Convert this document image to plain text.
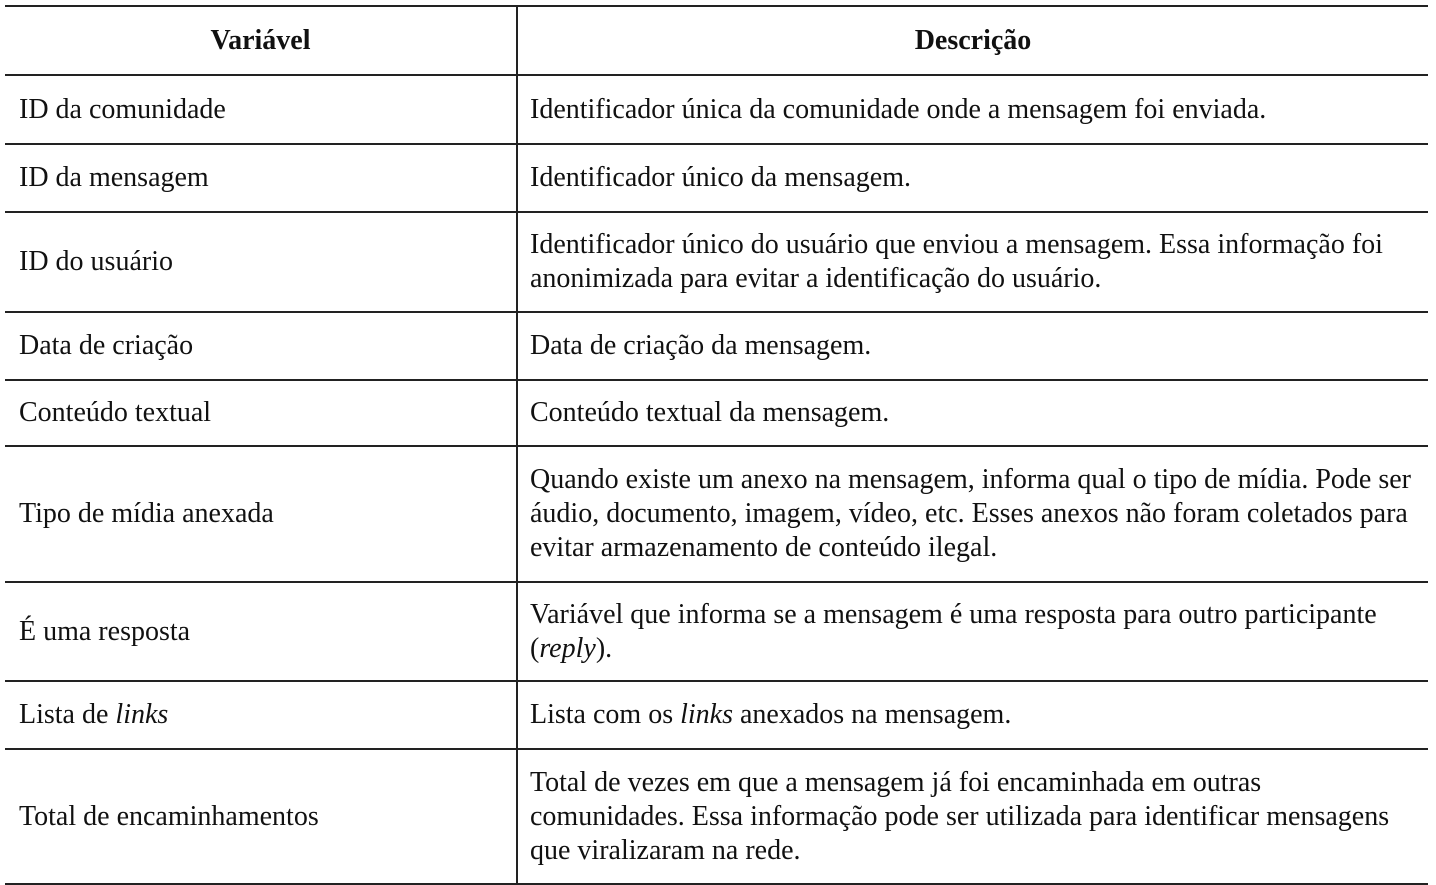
Variável	Descrição
ID da comunidade	Identificador única da comunidade onde a mensagem foi enviada.
ID da mensagem	Identificador único da mensagem.
ID do usuário	Identificador único do usuário que enviou a mensagem. Essa informação foi anonimizada para evitar a identificação do usuário.
Data de criação	Data de criação da mensagem.
Conteúdo textual	Conteúdo textual da mensagem.
Tipo de mídia anexada	Quando existe um anexo na mensagem, informa qual o tipo de mídia. Pode ser áudio, documento, imagem, vídeo, etc. Esses anexos não foram coletados para evitar armazenamento de conteúdo ilegal.
É uma resposta	Variável que informa se a mensagem é uma resposta para outro participante (reply).
Lista de links	Lista com os links anexados na mensagem.
Total de encaminhamentos	Total de vezes em que a mensagem já foi encaminhada em outras comunidades. Essa informação pode ser utilizada para identificar mensagens que viralizaram na rede.
